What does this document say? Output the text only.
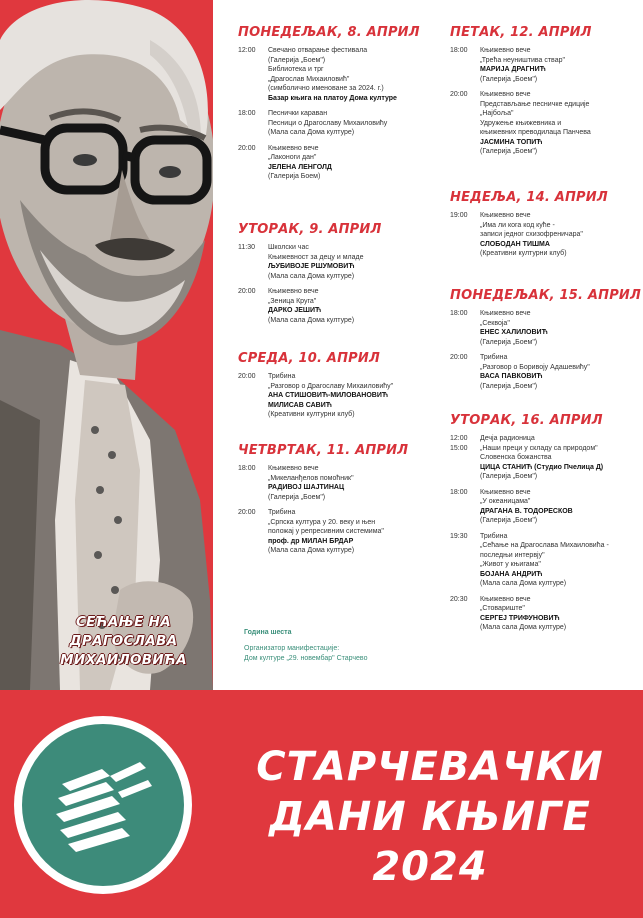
СЕЋАЊЕ НА
ДРАГОСЛАВА
МИХАИЛОВИЋА
ПОНЕДЕЉАК, 8. АПРИЛ
12:00	Свечано отварање фестивала
(Галерија „Боем")
Библиотека и трг
„Драгослав Михаиловић"
(симболично именоване за 2024. г.)
Базар књига на платоу Дома културе
18:00	Песнички караван
Песници о Драгославу Михаиловићу
(Мала сала Дома културе)
20:00	Књижевно вече
„Лаконоги дан"
ЈЕЛЕНА ЛЕНГОЛД
(Галерија Боем)
УТОРАК, 9. АПРИЛ
11:30	Школски час
Књижевност за децу и младе
ЉУБИВОЈЕ РШУМОВИЋ
(Мала сала Дома културе)
20:00	Књижевно вече
„Зеница Круга"
ДАРКО ЈЕШИЋ
(Мала сала Дома културе)
СРЕДА, 10. АПРИЛ
20:00	Трибина
„Разговор о Драгославу Михаиловићу"
АНА СТИШОВИЋ-МИЛОВАНОВИЋ
МИЛИСАВ САВИЋ
(Креативни културни клуб)
ЧЕТВРТАК, 11. АПРИЛ
18:00	Књижевно вече
„Микеланђелов помоћник"
РАДИВОЈ ШАЈТИНАЦ
(Галерија „Боем")
20:00	Трибина
„Српска култура у 20. веку и њен
положај у репресивним системима"
проф. др МИЛАН БРДАР
(Мала сала Дома културе)
ПЕТАК, 12. АПРИЛ
18:00	Књижевно вече
„Трећа неуништива ствар"
МАРИЈА ДРАГНИЋ
(Галерија „Боем")
20:00	Књижевно вече
Представљање песничке едиције
„Најбоља"
Удружење књижевника и
књижевних преводилаца Панчева
ЈАСМИНА ТОПИЋ
(Галерија „Боем")
НЕДЕЉА, 14. АПРИЛ
19:00	Књижевно вече
„Има ли кога код куће -
записи једног схизофреничара"
СЛОБОДАН ТИШМА
(Креативни културни клуб)
ПОНЕДЕЉАК, 15. АПРИЛ
18:00	Књижевно вече
„Секвоја"
ЕНЕС ХАЛИЛОВИЋ
(Галерија „Боем")
20:00	Трибина
„Разговор о Боривоју Адашевићу"
ВАСА ПАВКОВИЋ
(Галерија „Боем")
УТОРАК, 16. АПРИЛ
12:00
15:00
Дечја радионица
„Наши преци у складу са природом"
Словенска божанства
ЦИЦА СТАНИЋ (Студио Пчелица Д)
(Галерија „Боем")
18:00	Књижевно вече
„У океаницама"
ДРАГАНА В. ТОДОРЕСКОВ
(Галерија „Боем")
19:30	Трибина
„Сећање на Драгослава Михаиловића -
последњи интервју"
„Живот у књигама"
БОЈАНА АНДРИЋ
(Мала сала Дома културе)
20:30	Књижевно вече
„Стовариште"
СЕРГЕЈ ТРИФУНОВИЋ
(Мала сала Дома културе)
Година шеста
Организатор манифестације:
Дом културе „29. новембар" Старчево
СТАРЧЕВАЧКИ
ДАНИ КЊИГЕ
2024
